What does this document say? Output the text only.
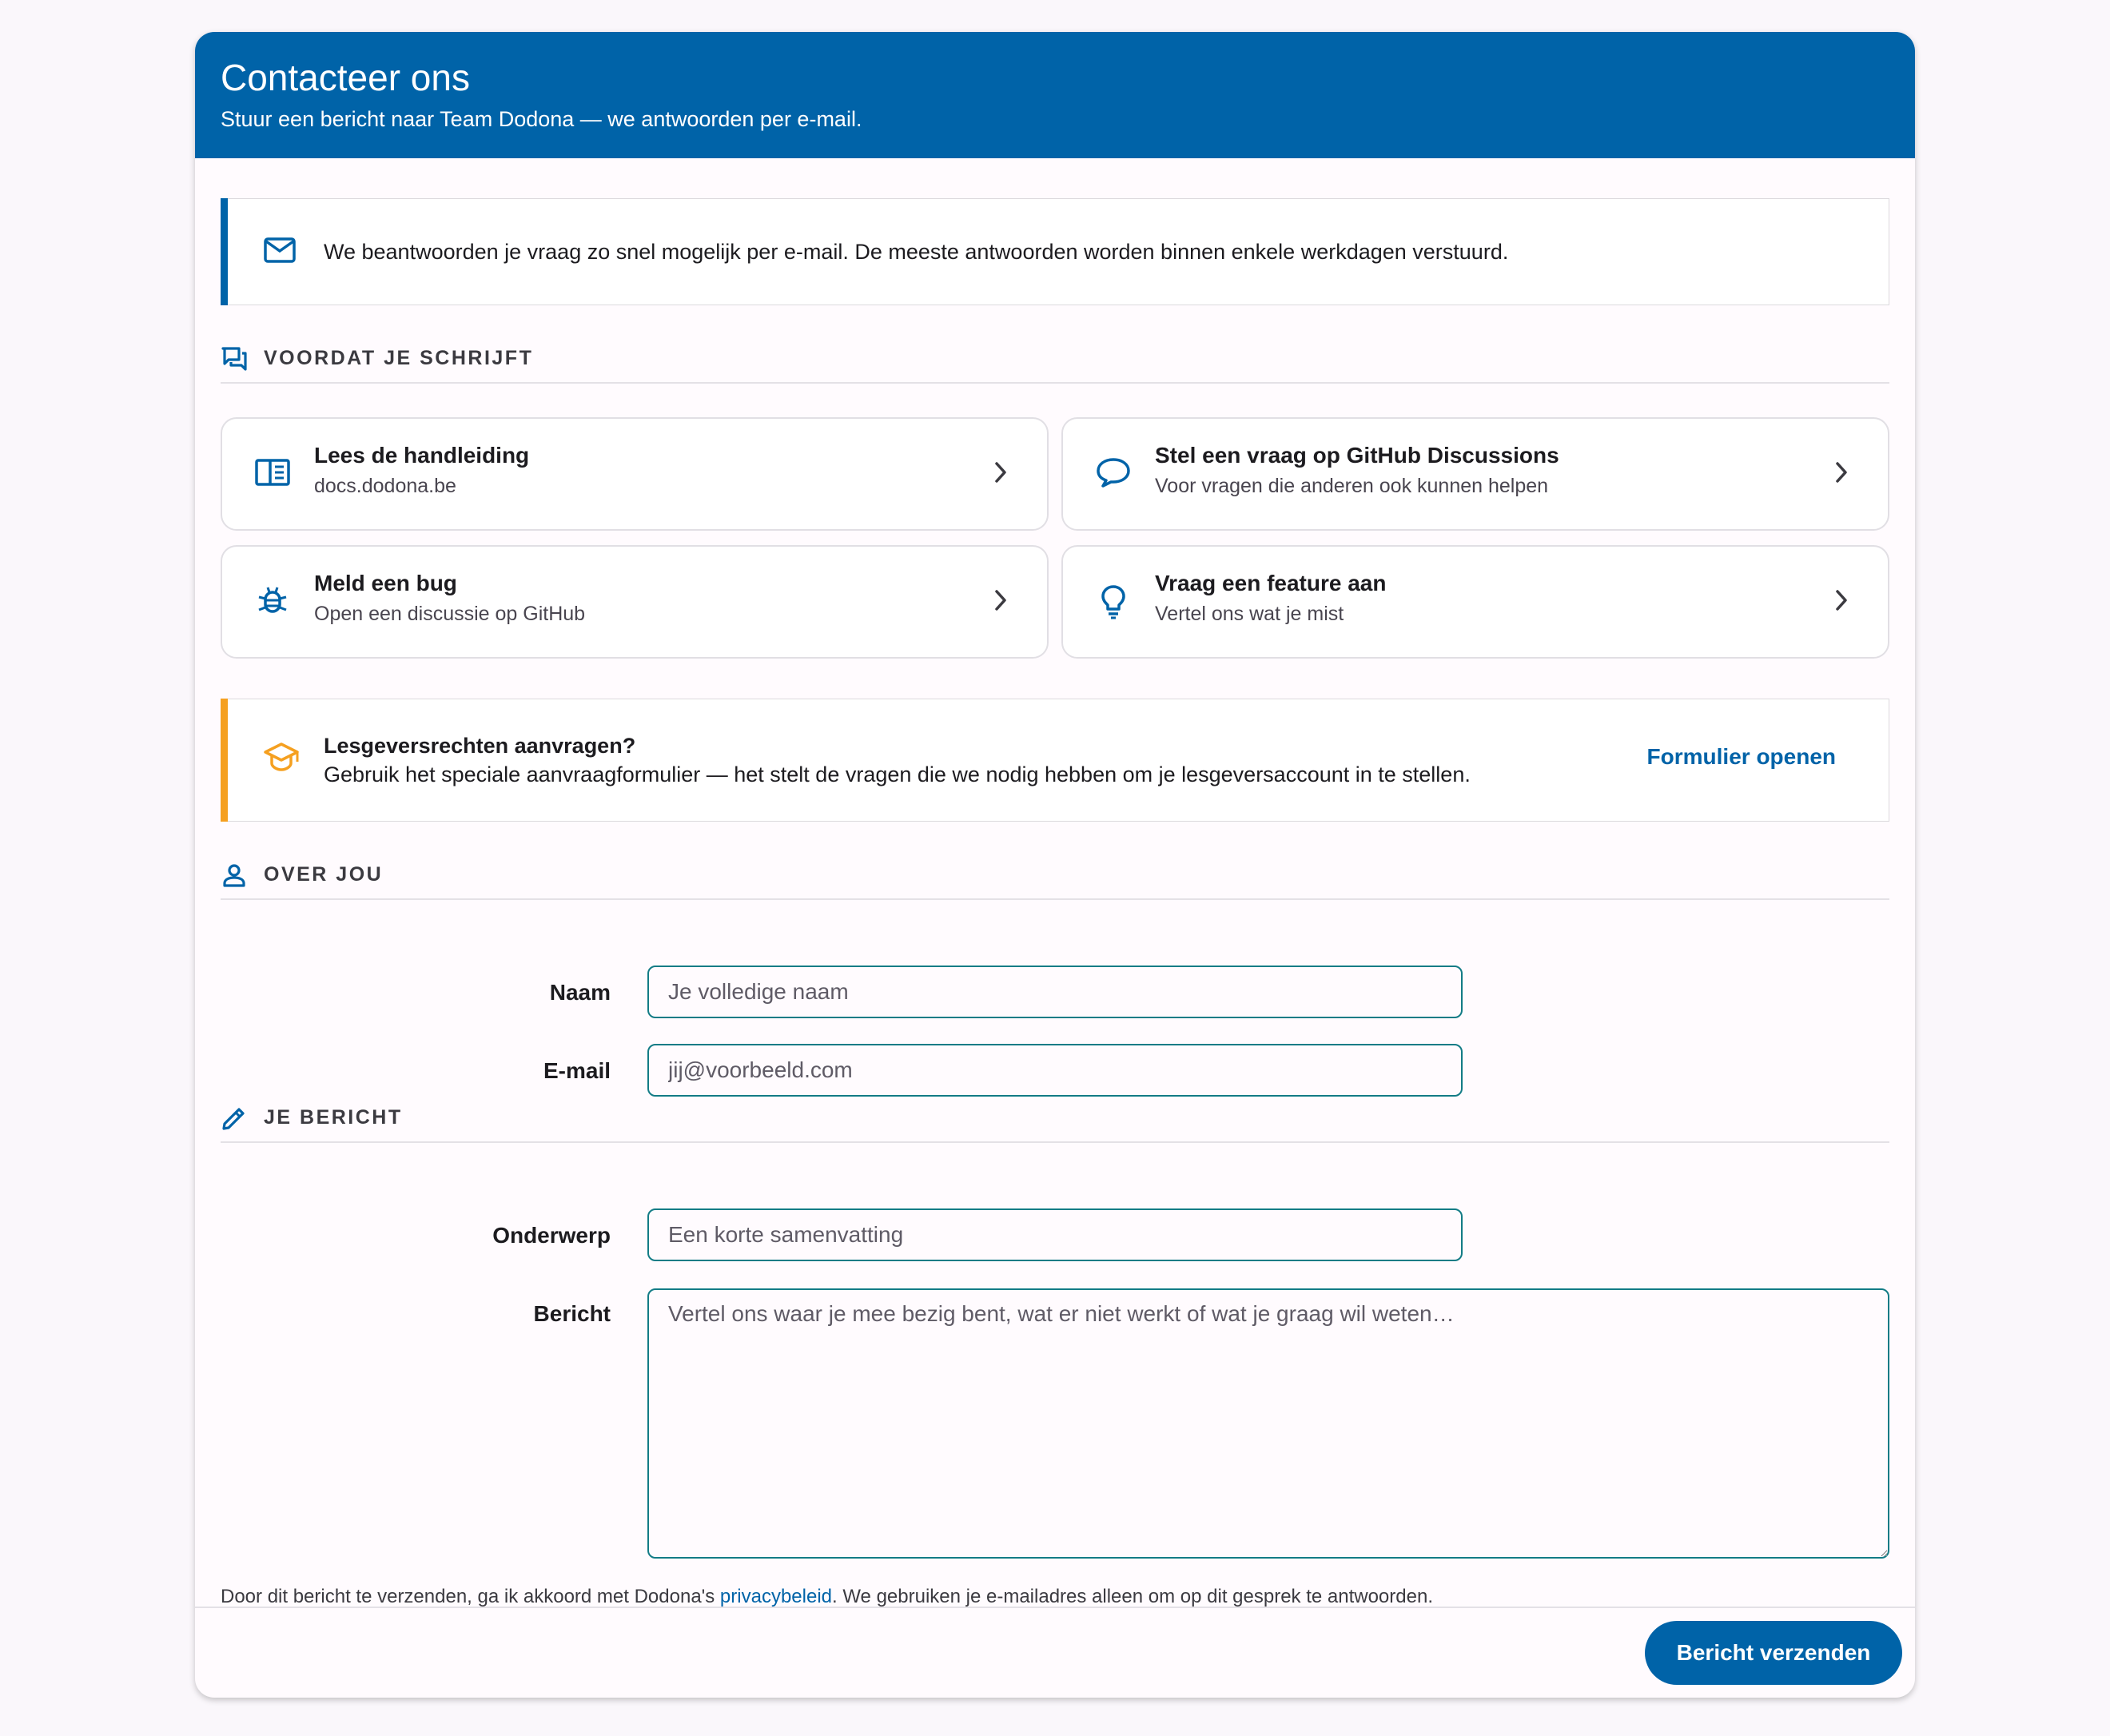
Contacteer ons

Stuur een bericht naar Team Dodona — we antwoorden per e-mail.

We beantwoorden je vraag zo snel mogelijk per e-mail. De meeste antwoorden worden binnen enkele werkdagen verstuurd.
VOORDAT JE SCHRIJFT
Lees de handleiding
docs.dodona.be
Stel een vraag op GitHub Discussions
Voor vragen die anderen ook kunnen helpen
Meld een bug
Open een discussie op GitHub
Vraag een feature aan
Vertel ons wat je mist
Lesgeversrechten aanvragen?
Gebruik het speciale aanvraagformulier — het stelt de vragen die we nodig hebben om je lesgeversaccount in te stellen.
Formulier openen
OVER JOU
Naam
Je volledige naam
E-mail
jij@voorbeeld.com
JE BERICHT
Onderwerp
Een korte samenvatting
Bericht
Vertel ons waar je mee bezig bent, wat er niet werkt of wat je graag wil weten…
Door dit bericht te verzenden, ga ik akkoord met Dodona's privacybeleid. We gebruiken je e-mailadres alleen om op dit gesprek te antwoorden.
Bericht verzenden
